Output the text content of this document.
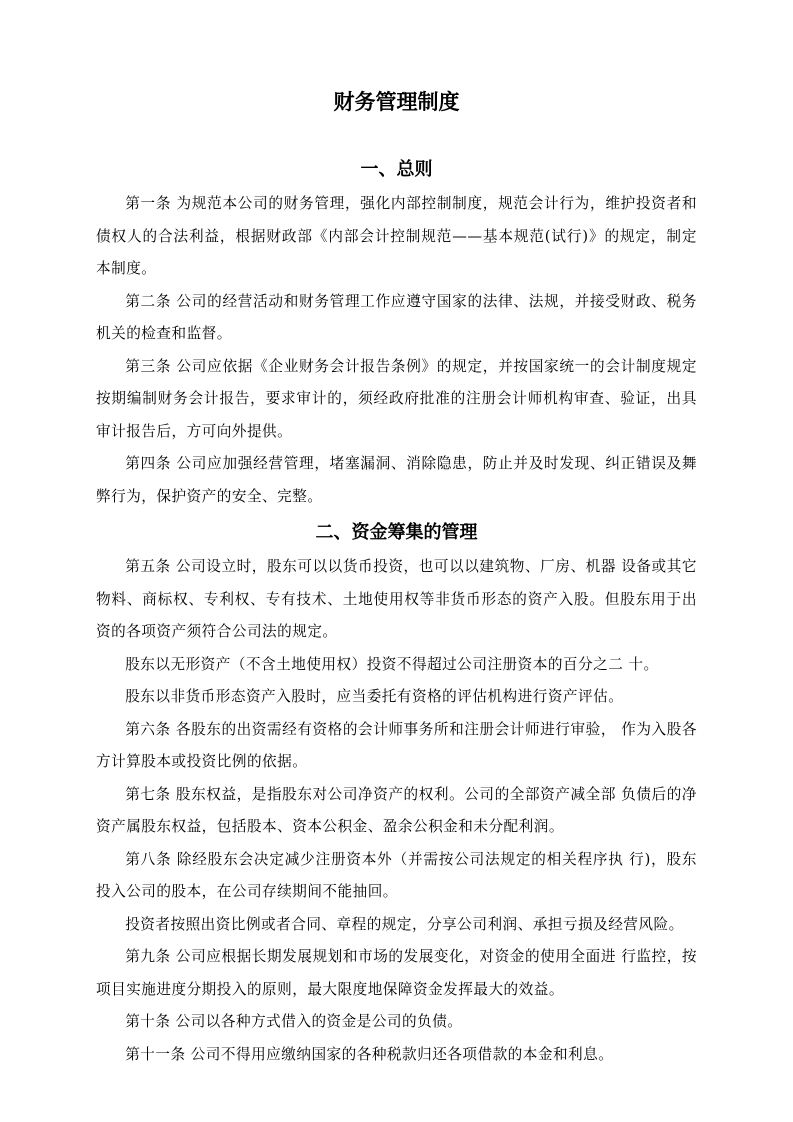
财务管理制度
一、总则

第一条 为规范本公司的财务管理，强化内部控制制度，规范会计行为，维护投资者和债权人的合法利益，根据财政部《内部会计控制规范——基本规范(试行)》的规定，制定本制度。

第二条 公司的经营活动和财务管理工作应遵守国家的法律、法规，并接受财政、税务机关的检查和监督。

第三条 公司应依据《企业财务会计报告条例》的规定，并按国家统一的会计制度规定按期编制财务会计报告，要求审计的，须经政府批准的注册会计师机构审查、验证，出具审计报告后，方可向外提供。

第四条 公司应加强经营管理，堵塞漏洞、消除隐患，防止并及时发现、纠正错误及舞弊行为，保护资产的安全、完整。

二、资金筹集的管理

第五条 公司设立时，股东可以以货币投资，也可以以建筑物、厂房、机器 设备或其它物料、商标权、专利权、专有技术、土地使用权等非货币形态的资产入股。但股东用于出资的各项资产须符合公司法的规定。

股东以无形资产（不含土地使用权）投资不得超过公司注册资本的百分之二 十。

股东以非货币形态资产入股时，应当委托有资格的评估机构进行资产评估。

第六条 各股东的出资需经有资格的会计师事务所和注册会计师进行审验， 作为入股各方计算股本或投资比例的依据。

第七条 股东权益，是指股东对公司净资产的权利。公司的全部资产减全部 负债后的净资产属股东权益，包括股本、资本公积金、盈余公积金和未分配利润。

第八条 除经股东会决定减少注册资本外（并需按公司法规定的相关程序执 行)，股东投入公司的股本，在公司存续期间不能抽回。

投资者按照出资比例或者合同、章程的规定，分享公司利润、承担亏损及经营风险。

第九条 公司应根据长期发展规划和市场的发展变化，对资金的使用全面进 行监控，按项目实施进度分期投入的原则，最大限度地保障资金发挥最大的效益。

第十条 公司以各种方式借入的资金是公司的负债。

第十一条 公司不得用应缴纳国家的各种税款归还各项借款的本金和利息。
